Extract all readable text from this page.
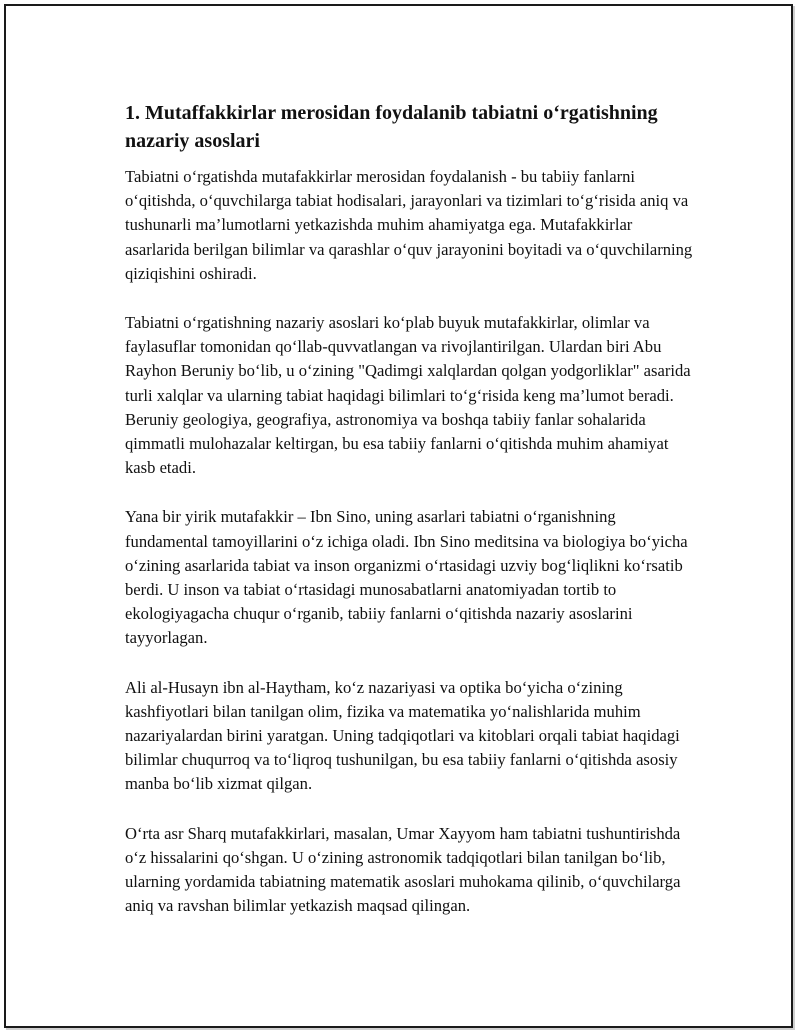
1. Mutaffakkirlar merosidan foydalanib tabiatni o‘rgatishning nazariy asoslari

Tabiatni o‘rgatishda mutafakkirlar merosidan foydalanish - bu tabiiy fanlarni o‘qitishda, o‘quvchilarga tabiat hodisalari, jarayonlari va tizimlari to‘g‘risida aniq va tushunarli ma’lumotlarni yetkazishda muhim ahamiyatga ega. Mutafakkirlar asarlarida berilgan bilimlar va qarashlar o‘quv jarayonini boyitadi va o‘quvchilarning qiziqishini oshiradi.

Tabiatni o‘rgatishning nazariy asoslari ko‘plab buyuk mutafakkirlar, olimlar va faylasuflar tomonidan qo‘llab-quvvatlangan va rivojlantirilgan. Ulardan biri Abu Rayhon Beruniy bo‘lib, u o‘zining "Qadimgi xalqlardan qolgan yodgorliklar" asarida turli xalqlar va ularning tabiat haqidagi bilimlari to‘g‘risida keng ma’lumot beradi. Beruniy geologiya, geografiya, astronomiya va boshqa tabiiy fanlar sohalarida qimmatli mulohazalar keltirgan, bu esa tabiiy fanlarni o‘qitishda muhim ahamiyat kasb etadi.

Yana bir yirik mutafakkir – Ibn Sino, uning asarlari tabiatni o‘rganishning fundamental tamoyillarini o‘z ichiga oladi. Ibn Sino meditsina va biologiya bo‘yicha o‘zining asarlarida tabiat va inson organizmi o‘rtasidagi uzviy bog‘liqlikni ko‘rsatib berdi. U inson va tabiat o‘rtasidagi munosabatlarni anatomiyadan tortib to ekologiyagacha chuqur o‘rganib, tabiiy fanlarni o‘qitishda nazariy asoslarini tayyorlagan.

Ali al-Husayn ibn al-Haytham, ko‘z nazariyasi va optika bo‘yicha o‘zining kashfiyotlari bilan tanilgan olim, fizika va matematika yo‘nalishlarida muhim nazariyalardan birini yaratgan. Uning tadqiqotlari va kitoblari orqali tabiat haqidagi bilimlar chuqurroq va to‘liqroq tushunilgan, bu esa tabiiy fanlarni o‘qitishda asosiy manba bo‘lib xizmat qilgan.

O‘rta asr Sharq mutafakkirlari, masalan, Umar Xayyom ham tabiatni tushuntirishda o‘z hissalarini qo‘shgan. U o‘zining astronomik tadqiqotlari bilan tanilgan bo‘lib, ularning yordamida tabiatning matematik asoslari muhokama qilinib, o‘quvchilarga aniq va ravshan bilimlar yetkazish maqsad qilingan.
